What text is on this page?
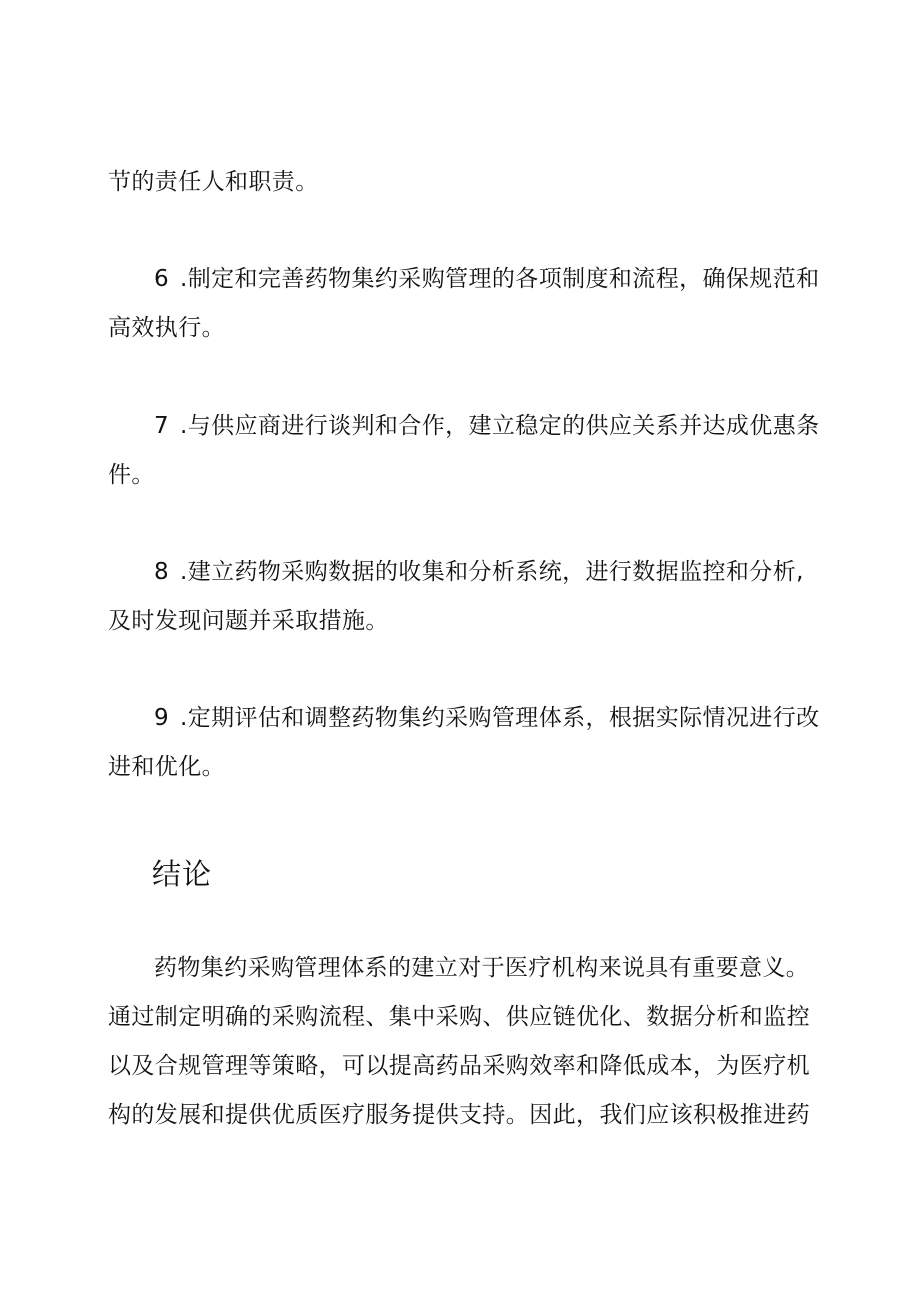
节的责任人和职责。
6 .制定和完善药物集约采购管理的各项制度和流程，确保规范和
高效执行。
7 .与供应商进行谈判和合作，建立稳定的供应关系并达成优惠条
件。
8 .建立药物采购数据的收集和分析系统，进行数据监控和分析,
及时发现问题并采取措施。
9 .定期评估和调整药物集约采购管理体系，根据实际情况进行改
进和优化。
结论
药物集约采购管理体系的建立对于医疗机构来说具有重要意义。
通过制定明确的采购流程、集中采购、供应链优化、数据分析和监控
以及合规管理等策略，可以提高药品采购效率和降低成本，为医疗机
构的发展和提供优质医疗服务提供支持。因此，我们应该积极推进药
